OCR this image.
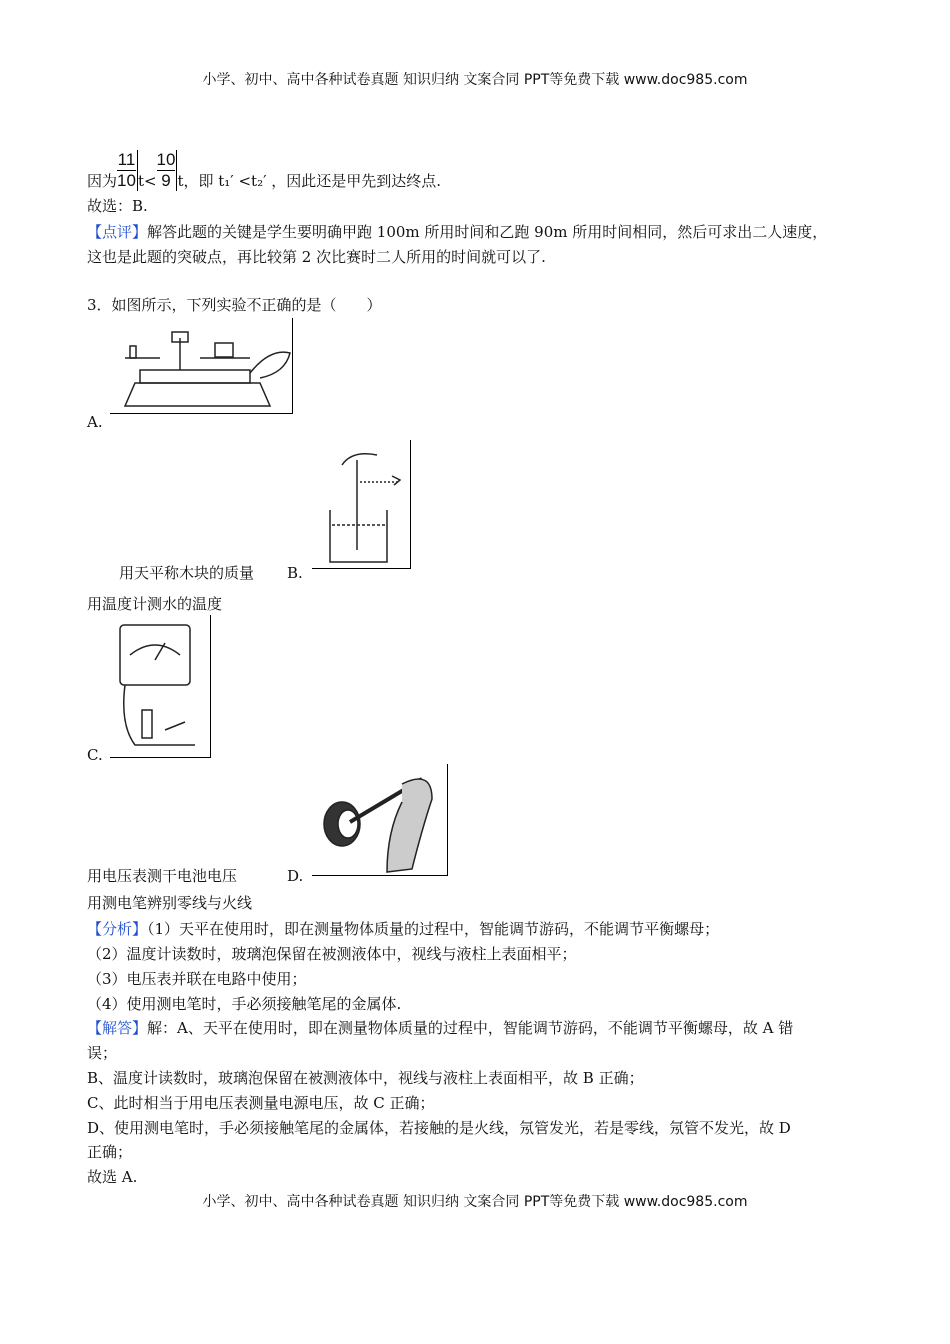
小学、初中、高中各种试卷真题 知识归纳 文案合同 PPT等免费下载 www.doc985.com
因为 $\frac{11}{10} t< \frac{10}{9}$ t，即 t₁′ <t₂′ ，因此还是甲先到达终点.
故选：B.
【点评】解答此题的关键是学生要明确甲跑 100m 所用时间和乙跑 90m 所用时间相同，然后可求出二人速度，
这也是此题的突破点，再比较第 2 次比赛时二人所用的时间就可以了.
3．如图所示，下列实验不正确的是（　　）
A.
用天平称木块的质量 B.
用温度计测水的温度
C.
用电压表测干电池电压	D.
用测电笔辨别零线与火线
【分析】（1）天平在使用时，即在测量物体质量的过程中，智能调节游码，不能调节平衡螺母；
（2）温度计读数时，玻璃泡保留在被测液体中，视线与液柱上表面相平；
（3）电压表并联在电路中使用；
（4）使用测电笔时，手必须接触笔尾的金属体.
【解答】解：A、天平在使用时，即在测量物体质量的过程中，智能调节游码，不能调节平衡螺母，故 A 错
误；
B、温度计读数时，玻璃泡保留在被测液体中，视线与液柱上表面相平，故 B 正确；
C、此时相当于用电压表测量电源电压，故 C 正确；
D、使用测电笔时，手必须接触笔尾的金属体，若接触的是火线，氖管发光，若是零线，氖管不发光，故 D
正确；
故选 A.
小学、初中、高中各种试卷真题 知识归纳 文案合同 PPT等免费下载 www.doc985.com
